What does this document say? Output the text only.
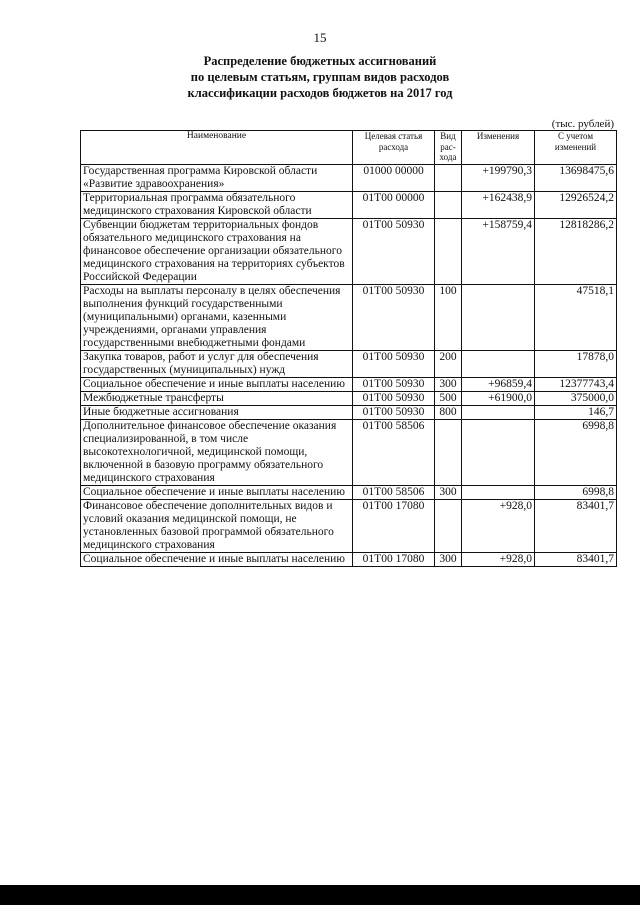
15
Распределение бюджетных ассигнований
по целевым статьям, группам видов расходов
классификации расходов бюджетов на 2017 год
(тыс. рублей)
Наименование	Целевая статья расхода	Вид рас-хода	Изменения	С учетом изменений
Государственная программа Кировской области «Развитие здравоохранения»	01000 00000		+199790,3	13698475,6
Территориальная программа обязательного медицинского страхования Кировской области	01Т00 00000		+162438,9	12926524,2
Субвенции бюджетам территориальных фондов обязательного медицинского страхования на финансовое обеспечение организации обязательного медицинского страхования на территориях субъектов Российской Федерации	01Т00 50930		+158759,4	12818286,2
Расходы на выплаты персоналу в целях обеспечения выполнения функций государственными (муниципальными) органами, казенными учреждениями, органами управления государственными внебюджетными фондами	01Т00 50930	100		47518,1
Закупка товаров, работ и услуг для обеспечения государственных (муниципальных) нужд	01Т00 50930	200		17878,0
Социальное обеспечение и иные выплаты населению	01Т00 50930	300	+96859,4	12377743,4
Межбюджетные трансферты	01Т00 50930	500	+61900,0	375000,0
Иные бюджетные ассигнования	01Т00 50930	800		146,7
Дополнительное финансовое обеспечение оказания специализированной, в том числе высокотехнологичной, медицинской помощи, включенной в базовую программу обязательного медицинского страхования	01Т00 58506			6998,8
Социальное обеспечение и иные выплаты населению	01Т00 58506	300		6998,8
Финансовое обеспечение дополнительных видов и условий оказания медицинской помощи, не установленных базовой программой обязательного медицинского страхования	01Т00 17080		+928,0	83401,7
Социальное обеспечение и иные выплаты населению	01Т00 17080	300	+928,0	83401,7
